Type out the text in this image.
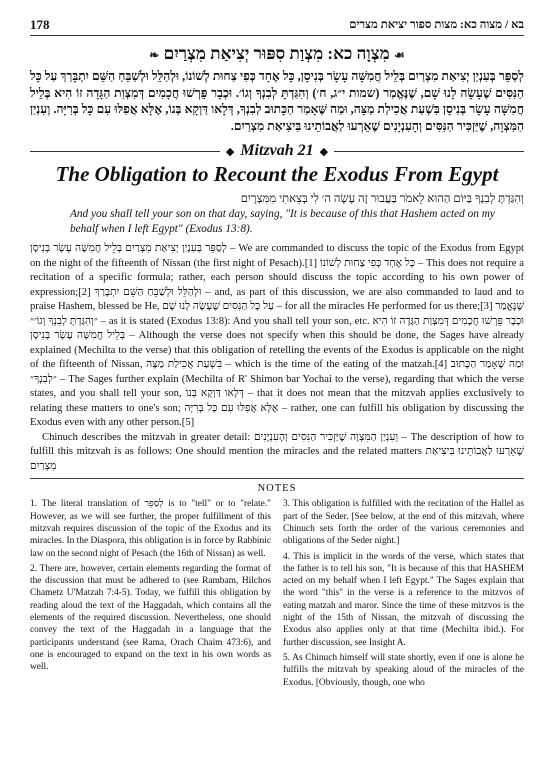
178	בא / מצוה כא: מצות ספור יציאת מצרים
☙ מִצְוָה כא: מִצְוַת סִפּוּר יְצִיאַת מִצְרַיִם ❧
לְסַפֵּר בְּעִנְיַן יְצִיאַת מִצְרַיִם בְּלֵיל חֲמִשָּׁה עָשָׂר בְּנִיסָן, כָּל אֶחָד כְּפִי צַחוּת לְשׁוֹנוֹ, וּלְהַלֵּל וּלְשַׁבֵּחַ הַשֵּׁם יִתְבָּרַךְ עַל כָּל הַנִּסִּים שֶׁעָשָׂה לָנוּ שָׁם, שֶׁנֶּאֱמַר (שמות י״ג, ח׳) וְהִגַּדְתָּ לְבִנְךָ וְגוֹ׳. וּכְבָר פֵּרְשׁוּ חֲכָמִים דְּמִצְוַת הַגָּדָה זוֹ הִיא בְּלֵיל חֲמִשָּׁה עָשָׂר בְּנִיסָן בִּשְׁעַת אֲכִילַת מַצָּה, וּמַה שֶּׁאָמַר הַכָּתוּב לְבִנְךָ, דְּלָאו דַּוְקָא בְּנוֹ, אֶלָּא אֲפִלּוּ עִם כָּל בְּרִיָּה. וְעִנְיַן הַמִּצְוָה, שֶׁיַּזְכִּיר הַנִּסִּים וְהָעִנְיָנִים שֶׁאֵרְעוּ לַאֲבוֹתֵינוּ בִּיצִיאַת מִצְרַיִם.
◆ Mitzvah 21 ◆
The Obligation to Recount the Exodus From Egypt
וְהִגַּדְתָּ לְבִנְךָ בַּיּוֹם הַהוּא לֵאמֹר בַּעֲבוּר זֶה עָשָׂה ה׳ לִי בְּצֵאתִי מִמִּצְרָיִם
And you shall tell your son on that day, saying, "It is because of this that Hashem acted on my behalf when I left Egypt" (Exodus 13:8).

לְסַפֵּר בְּעִנְיַן יְצִיאַת מִצְרַיִם בְּלֵיל חֲמִשָּׁה עָשָׂר בְּנִיסָן – We are commanded to discuss the topic of the Exodus from Egypt on the night of the fifteenth of Nissan (the first night of Pesach).[1] כָּל אֶחָד כְּפִי צַחוּת לְשׁוֹנוֹ – This does not require a recitation of a specific formula; rather, each person should discuss the topic according to his own power of expression;[2] וּלְהַלֵּל וּלְשַׁבֵּחַ הַשֵּׁם יִתְבָּרַךְ – and, as part of this discussion, we are also commanded to laud and to praise Hashem, blessed be He, עַל כָּל הַנִּסִּים שֶׁעָשָׂה לָנוּ שָׁם – for all the miracles He performed for us there;[3] שֶׁנֶּאֱמַר ״וְהִגַּדְתָּ לְבִנְךָ וְגוֹ׳״ – as it is stated (Exodus 13:8): And you shall tell your son, etc. וּכְבָר פֵּרְשׁוּ חֲכָמִים דְּמִצְוַת הַגָּדָה זוֹ הִיא בְּלֵיל חֲמִשָּׁה עָשָׂר בְּנִיסָן – Although the verse does not specify when this should be done, the Sages have already explained (Mechilta to the verse) that this obligation of retelling the events of the Exodus is applicable on the night of the fifteenth of Nissan, בִּשְׁעַת אֲכִילַת מַצָּה – which is the time of the eating of the matzah.[4] וּמַה שֶּׁאָמַר הַכָּתוּב ״לְבִנְךָ״ – The Sages further explain (Mechilta of R' Shimon bar Yochai to the verse), regarding that which the verse states, and you shall tell your son, דְּלָאו דַּוְקָא בְּנוֹ – that it does not mean that the mitzvah applies exclusively to relating these matters to one's son; אֶלָּא אֲפִלּוּ עִם כָּל בְּרִיָּה – rather, one can fulfill his obligation by discussing the Exodus even with any other person.[5]

Chinuch describes the mitzvah in greater detail: וְעִנְיַן הַמִּצְוָה שֶׁיַּזְכִּיר הַנִּסִּים וְהָעִנְיָנִים – The description of how to fulfill this mitzvah is as follows: One should mention the miracles and the related matters שֶׁאֵרְעוּ לַאֲבוֹתֵינוּ בִּיצִיאַת מִצְרַיִם

NOTES

1. The literal translation of לְסַפֵּר is to "tell" or to "relate." However, as we will see further, the proper fulfillment of this mitzvah requires discussion of the topic of the Exodus and its miracles. In the Diaspora, this obligation is in force by Rabbinic law on the second night of Pesach (the 16th of Nissan) as well.

2. There are, however, certain elements regarding the format of the discussion that must be adhered to (see Rambam, Hilchos Chametz U'Matzah 7:4-5). Today, we fulfill this obligation by reading aloud the text of the Haggadah, which contains all the elements of the required discussion. Nevertheless, one should convey the text of the Haggadah in a language that the participants understand (see Rama, Orach Chaim 473:6), and one is encouraged to expand on the text in his own words as well.

3. This obligation is fulfilled with the recitation of the Hallel as part of the Seder. [See below, at the end of this mitzvah, where Chinuch sets forth the order of the various ceremonies and obligations of the Seder night.]

4. This is implicit in the words of the verse, which states that the father is to tell his son, "It is because of this that HASHEM acted on my behalf when I left Egypt." The Sages explain that the word "this" in the verse is a reference to the mitzvos of eating matzah and maror. Since the time of these mitzvos is the night of the 15th of Nissan, the mitzvah of discussing the Exodus also applies only at that time (Mechilta ibid.). For further discussion, see Insight A.

5. As Chinuch himself will state shortly, even if one is alone he fulfills the mitzvah by speaking aloud of the miracles of the Exodus. [Obviously, though, one who
